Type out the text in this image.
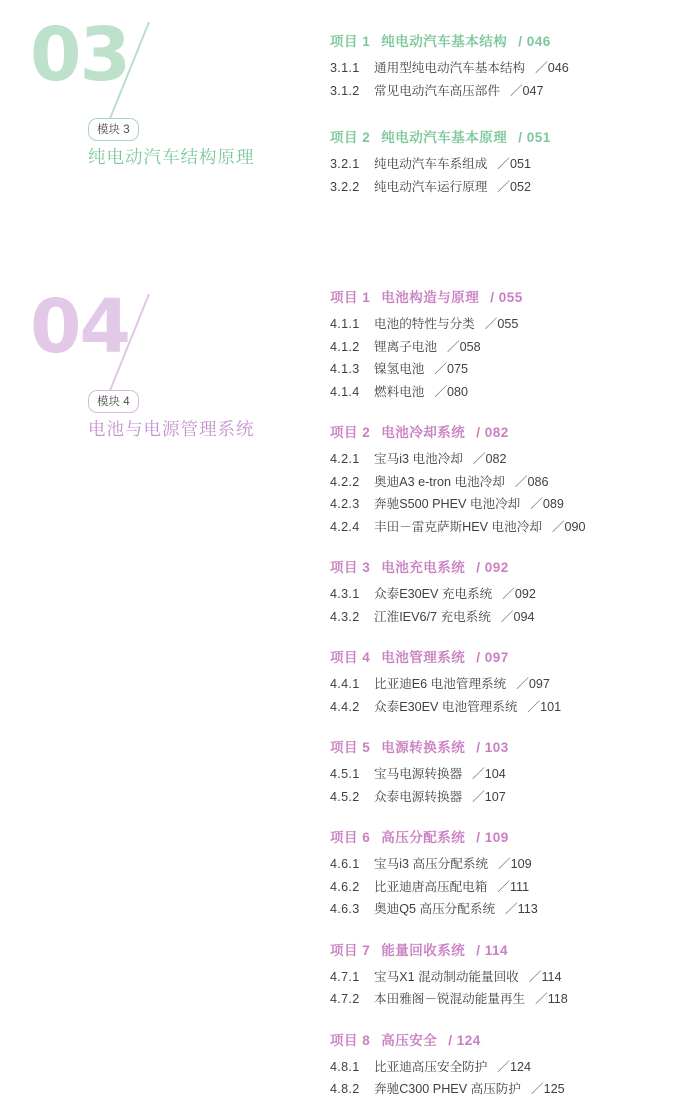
03
模块 3
纯电动汽车结构原理
04
模块 4
电池与电源管理系统
项目 1 纯电动汽车基本结构 / 046
3.1.1	通用型纯电动汽车基本结构 ／046
3.1.2	常见电动汽车高压部件 ／047
项目 2 纯电动汽车基本原理 / 051
3.2.1	纯电动汽车车系组成 ／051
3.2.2	纯电动汽车运行原理 ／052
项目 1 电池构造与原理 / 055
4.1.1	电池的特性与分类 ／055
4.1.2	锂离子电池 ／058
4.1.3	镍氢电池 ／075
4.1.4	燃料电池 ／080
项目 2 电池冷却系统 / 082
4.2.1	宝马i3 电池冷却 ／082
4.2.2	奥迪A3 e-tron 电池冷却 ／086
4.2.3	奔驰S500 PHEV 电池冷却 ／089
4.2.4	丰田－雷克萨斯HEV 电池冷却 ／090
项目 3 电池充电系统 / 092
4.3.1	众泰E30EV 充电系统 ／092
4.3.2	江淮IEV6/7 充电系统 ／094
项目 4 电池管理系统 / 097
4.4.1	比亚迪E6 电池管理系统 ／097
4.4.2	众泰E30EV 电池管理系统 ／101
项目 5 电源转换系统 / 103
4.5.1	宝马电源转换器 ／104
4.5.2	众泰电源转换器 ／107
项目 6 高压分配系统 / 109
4.6.1	宝马i3 高压分配系统 ／109
4.6.2	比亚迪唐高压配电箱 ／111
4.6.3	奥迪Q5 高压分配系统 ／113
项目 7 能量回收系统 / 114
4.7.1	宝马X1 混动制动能量回收 ／114
4.7.2	本田雅阁－锐混动能量再生 ／118
项目 8 高压安全 / 124
4.8.1	比亚迪高压安全防护 ／124
4.8.2	奔驰C300 PHEV 高压防护 ／125
